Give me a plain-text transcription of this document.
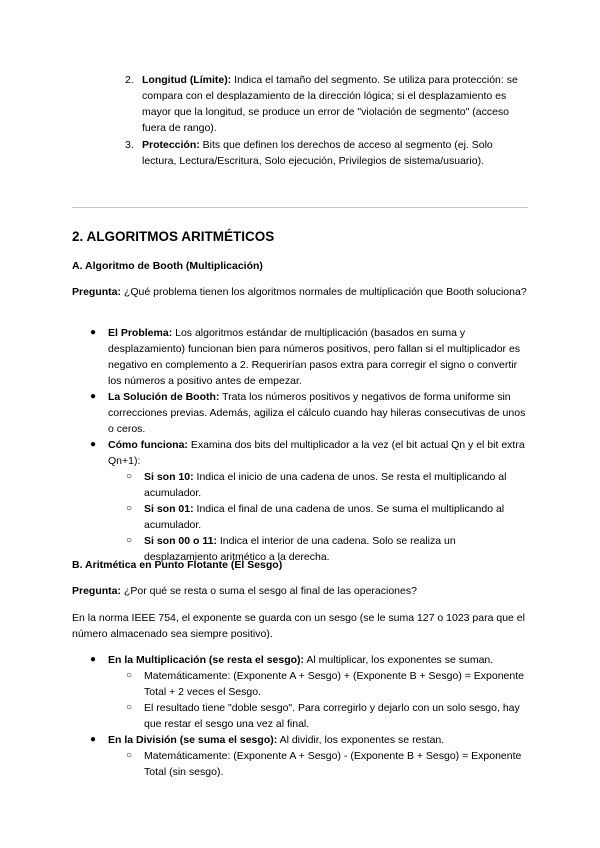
2. Longitud (Límite): Indica el tamaño del segmento. Se utiliza para protección: se compara con el desplazamiento de la dirección lógica; si el desplazamiento es mayor que la longitud, se produce un error de "violación de segmento" (acceso fuera de rango).
3. Protección: Bits que definen los derechos de acceso al segmento (ej. Solo lectura, Lectura/Escritura, Solo ejecución, Privilegios de sistema/usuario).
2. ALGORITMOS ARITMÉTICOS
A. Algoritmo de Booth (Multiplicación)

Pregunta: ¿Qué problema tienen los algoritmos normales de multiplicación que Booth soluciona?

● El Problema: Los algoritmos estándar de multiplicación (basados en suma y desplazamiento) funcionan bien para números positivos, pero fallan si el multiplicador es negativo en complemento a 2. Requerirían pasos extra para corregir el signo o convertir los números a positivo antes de empezar.
● La Solución de Booth: Trata los números positivos y negativos de forma uniforme sin correcciones previas. Además, agiliza el cálculo cuando hay hileras consecutivas de unos o ceros.
● Cómo funciona: Examina dos bits del multiplicador a la vez (el bit actual Qn y el bit extra Qn+1):
○ Si son 10: Indica el inicio de una cadena de unos. Se resta el multiplicando al acumulador.
○ Si son 01: Indica el final de una cadena de unos. Se suma el multiplicando al acumulador.
○ Si son 00 o 11: Indica el interior de una cadena. Solo se realiza un desplazamiento aritmético a la derecha.
B. Aritmética en Punto Flotante (El Sesgo)

Pregunta: ¿Por qué se resta o suma el sesgo al final de las operaciones?

En la norma IEEE 754, el exponente se guarda con un sesgo (se le suma 127 o 1023 para que el número almacenado sea siempre positivo).

● En la Multiplicación (se resta el sesgo): Al multiplicar, los exponentes se suman.
○ Matemáticamente: (Exponente A + Sesgo) + (Exponente B + Sesgo) = Exponente Total + 2 veces el Sesgo.
○ El resultado tiene "doble sesgo". Para corregirlo y dejarlo con un solo sesgo, hay que restar el sesgo una vez al final.
● En la División (se suma el sesgo): Al dividir, los exponentes se restan.
○ Matemáticamente: (Exponente A + Sesgo) - (Exponente B + Sesgo) = Exponente Total (sin sesgo).
